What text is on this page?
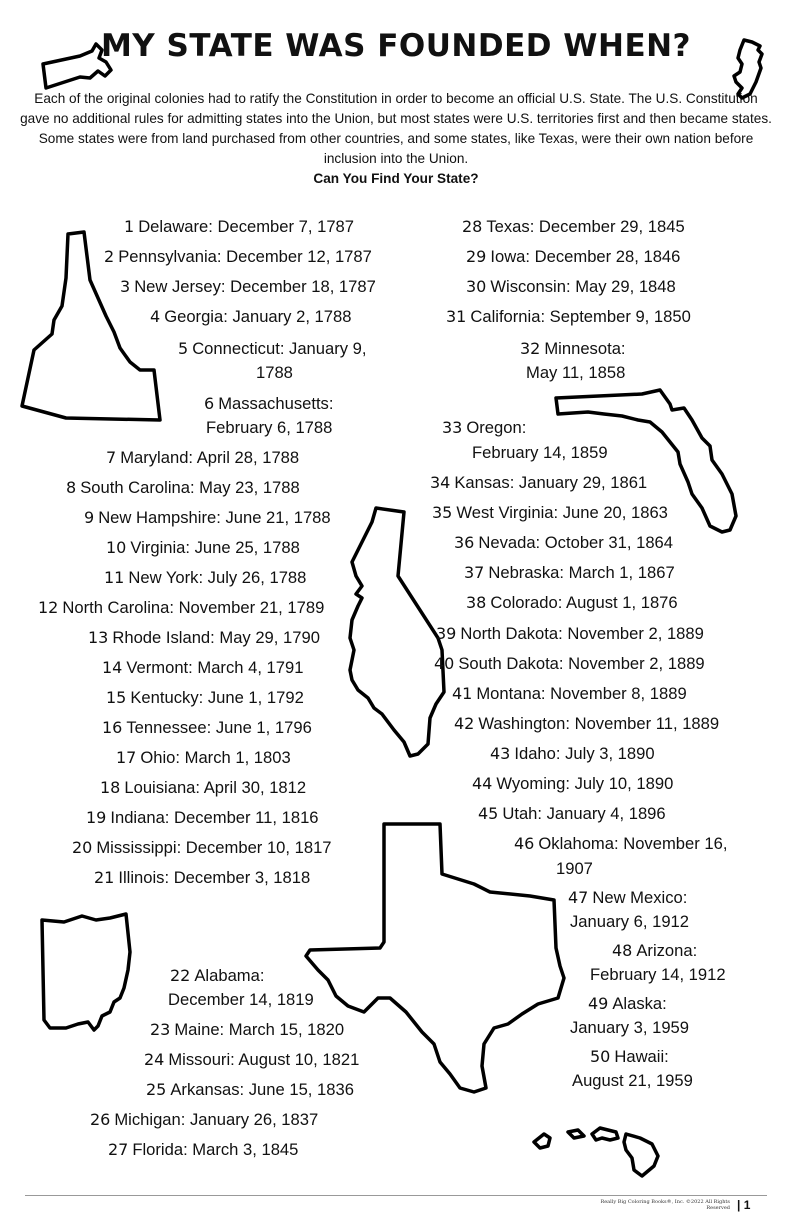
MY STATE WAS FOUNDED WHEN?

Each of the original colonies had to ratify the Constitution in order to become an official U.S. State. The U.S. Constitution gave no additional rules for admitting states into the Union, but most states were U.S. territories first and then became states. Some states were from land purchased from other countries, and some states, like Texas, were their own nation before inclusion into the Union.
Can You Find Your State?

1 Delaware: December 7, 1787
2 Pennsylvania: December 12, 1787
3 New Jersey: December 18, 1787
4 Georgia: January 2, 1788
5 Connecticut: January 9,
1788
6 Massachusetts:
February 6, 1788
7 Maryland: April 28, 1788
8 South Carolina: May 23, 1788
9 New Hampshire: June 21, 1788
10 Virginia: June 25, 1788
11 New York: July 26, 1788
12 North Carolina: November 21, 1789
13 Rhode Island: May 29, 1790
14 Vermont: March 4, 1791
15 Kentucky: June 1, 1792
16 Tennessee: June 1, 1796
17 Ohio: March 1, 1803
18 Louisiana: April 30, 1812
19 Indiana: December 11, 1816
20 Mississippi: December 10, 1817
21 Illinois: December 3, 1818
22 Alabama:
December 14, 1819
23 Maine: March 15, 1820
24 Missouri: August 10, 1821
25 Arkansas: June 15, 1836
26 Michigan: January 26, 1837
27 Florida: March 3, 1845
28 Texas: December 29, 1845
29 Iowa: December 28, 1846
30 Wisconsin: May 29, 1848
31 California: September 9, 1850
32 Minnesota:
May 11, 1858
33 Oregon:
February 14, 1859
34 Kansas: January 29, 1861
35 West Virginia: June 20, 1863
36 Nevada: October 31, 1864
37 Nebraska: March 1, 1867
38 Colorado: August 1, 1876
39 North Dakota: November 2, 1889
40 South Dakota: November 2, 1889
41 Montana: November 8, 1889
42 Washington: November 11, 1889
43 Idaho: July 3, 1890
44 Wyoming: July 10, 1890
45 Utah: January 4, 1896
46 Oklahoma: November 16,
1907
47 New Mexico:
January 6, 1912
48 Arizona:
February 14, 1912
49 Alaska:
January 3, 1959
50 Hawaii:
August 21, 1959
Really Big Coloring Books®, Inc. ©2022 All Rights Reserved | 1
